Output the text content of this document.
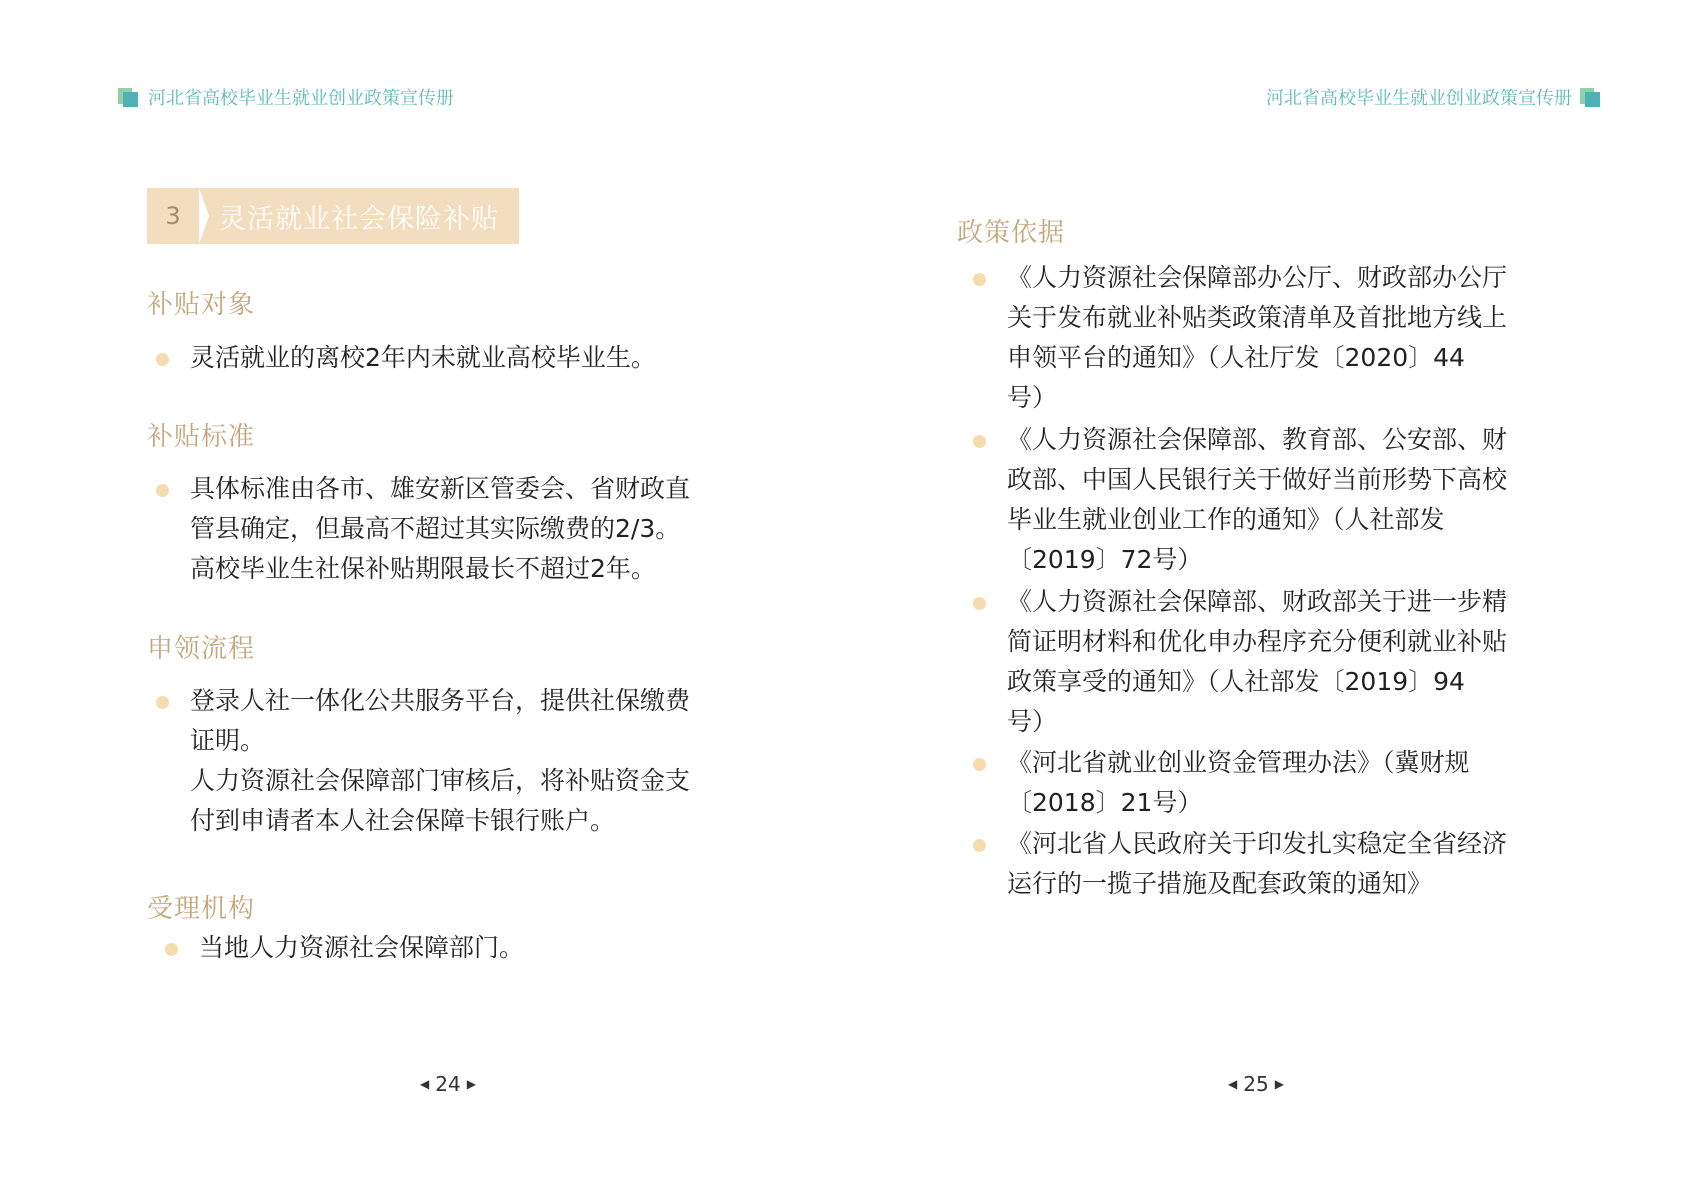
河北省高校毕业生就业创业政策宣传册
3	灵活就业社会保险补贴
补贴对象

灵活就业的离校2年内未就业高校毕业生。

补贴标准

具体标准由各市、雄安新区管委会、省财政直

管县确定，但最高不超过其实际缴费的2/3。

高校毕业生社保补贴期限最长不超过2年。

申领流程

登录人社一体化公共服务平台，提供社保缴费

证明。

人力资源社会保障部门审核后，将补贴资金支

付到申请者本人社会保障卡银行账户。

受理机构

当地人力资源社会保障部门。

◀ 24 ▶
河北省高校毕业生就业创业政策宣传册
政策依据

《人力资源社会保障部办公厅、财政部办公厅

关于发布就业补贴类政策清单及首批地方线上

申领平台的通知》（人社厅发〔2020〕44

号）

《人力资源社会保障部、教育部、公安部、财

政部、中国人民银行关于做好当前形势下高校

毕业生就业创业工作的通知》（人社部发

〔2019〕72号）

《人力资源社会保障部、财政部关于进一步精

简证明材料和优化申办程序充分便利就业补贴

政策享受的通知》（人社部发〔2019〕94

号）

《河北省就业创业资金管理办法》（冀财规

〔2018〕21号）

《河北省人民政府关于印发扎实稳定全省经济

运行的一揽子措施及配套政策的通知》

◀ 25 ▶
